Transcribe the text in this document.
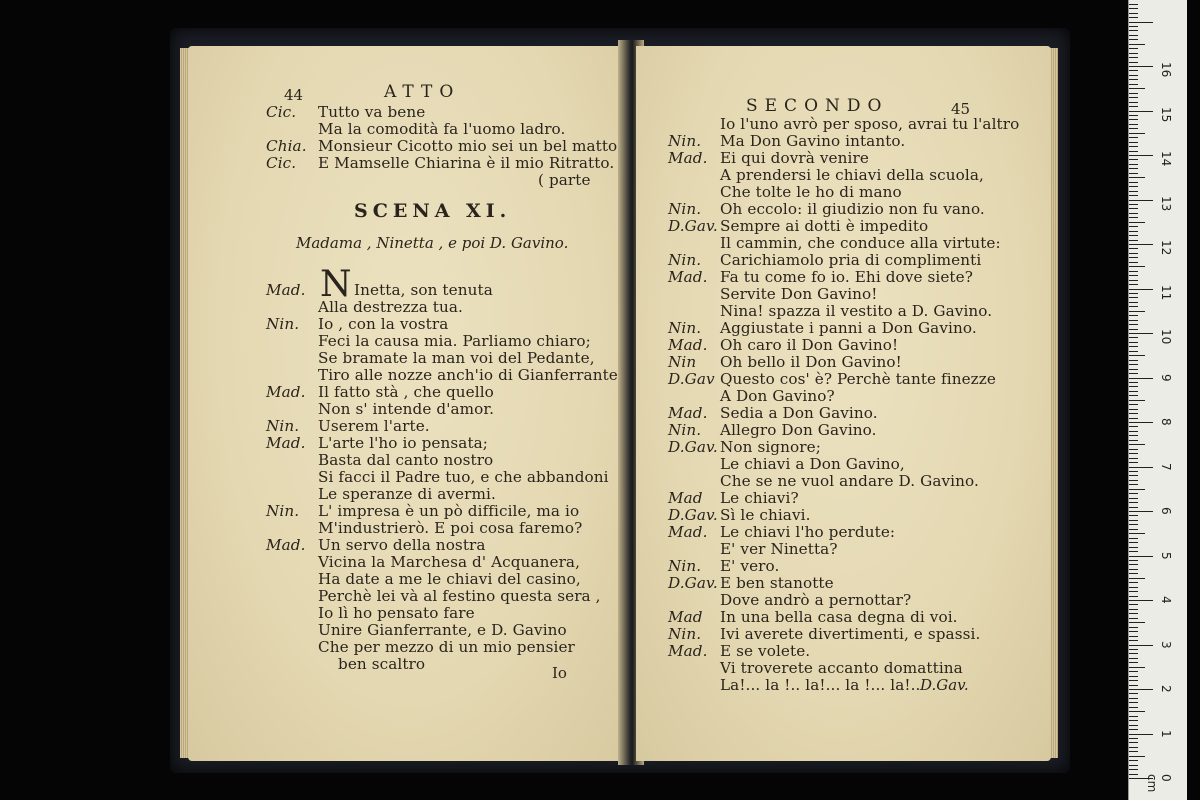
44	ATTO
Cic. Tutto va bene
Ma la comodità fa l'uomo ladro.
Chia. Monsieur Cicotto mio sei un bel matto
Cic. E Mamselle Chiarina è il mio Ritratto.
( parte
SCENA XI.
Madama , Ninetta , e poi D. Gavino.
N
Mad.	Inetta, son tenuta
Alla destrezza tua.
Nin. Io , con la vostra
Feci la causa mia. Parliamo chiaro;
Se bramate la man voi del Pedante,
Tiro alle nozze anch'io di Gianferrante
Mad. Il fatto stà , che quello
Non s' intende d'amor.
Nin. Userem l'arte.
Mad. L'arte l'ho io pensata;
Basta dal canto nostro
Si facci il Padre tuo, e che abbandoni
Le speranze di avermi.
Nin. L' impresa è un pò difficile, ma io
M'industrierò. E poi cosa faremo?
Mad. Un servo della nostra
Vicina la Marchesa d' Acquanera,
Ha date a me le chiavi del casino,
Perchè lei và al festino questa sera ,
Io lì ho pensato fare
Unire Gianferrante, e D. Gavino
Che per mezzo di un mio pensier
ben scaltro	Io
SECONDO	45
Io l'uno avrò per sposo, avrai tu l'altro
Nin. Ma Don Gavino intanto.
Mad. Ei qui dovrà venire
A prendersi le chiavi della scuola,
Che tolte le ho di mano
Nin. Oh eccolo: il giudizio non fu vano.
D.Gav. Sempre ai dotti è impedito
Il cammin, che conduce alla virtute:
Nin. Carichiamolo pria di complimenti
Mad. Fa tu come fo io. Ehi dove siete?
Servite Don Gavino!
Nina! spazza il vestito a D. Gavino.
Nin. Aggiustate i panni a Don Gavino.
Mad. Oh caro il Don Gavino!
Nin Oh bello il Don Gavino!
D.Gav Questo cos' è? Perchè tante finezze
A Don Gavino?
Mad. Sedia a Don Gavino.
Nin. Allegro Don Gavino.
D.Gav. Non signore;
Le chiavi a Don Gavino,
Che se ne vuol andare D. Gavino.
Mad Le chiavi?
D.Gav. Sì le chiavi.
Mad. Le chiavi l'ho perdute:
E' ver Ninetta?
Nin. E' vero.
D.Gav. E ben stanotte
Dove andrò a pernottar?
Mad In una bella casa degna di voi.
Nin. Ivi averete divertimenti, e spassi.
Mad. E se volete.
Vi troverete accanto domattina
La!... la !.. la!... la !... la!.. D.Gav.
0 cm
1
2
3
4
5
6
7
8
9
10
11
12
13
14
15
16
